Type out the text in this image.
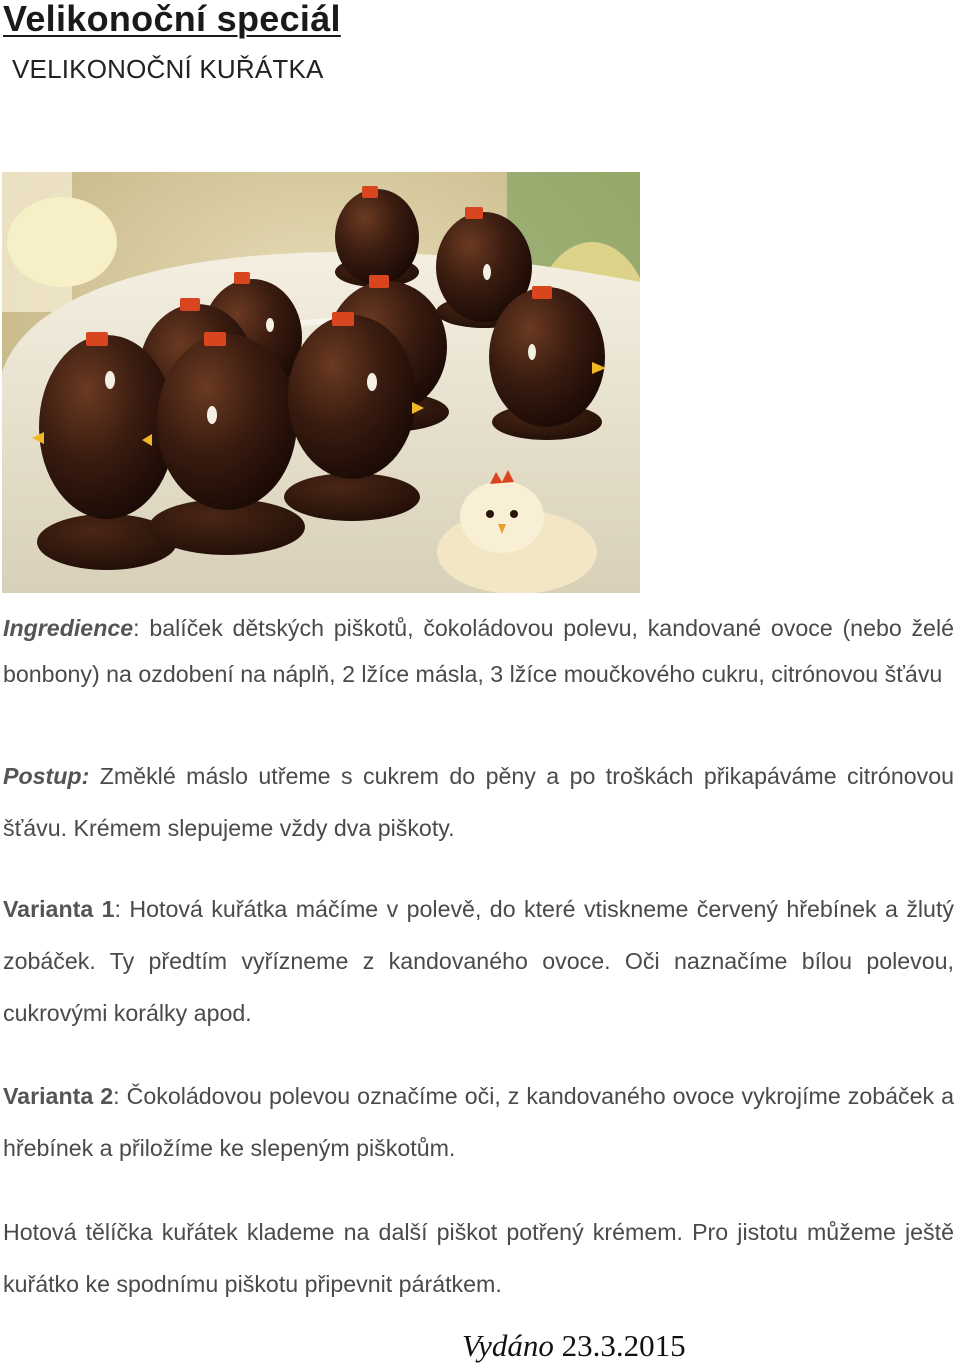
Velikonoční speciál
VELIKONOČNÍ KUŘÁTKA

Ingredience: balíček dětských piškotů, čokoládovou polevu, kandované ovoce (nebo želé bonbony) na ozdobení na náplň, 2 lžíce másla, 3 lžíce moučkového cukru, citrónovou šťávu

Postup: Změklé máslo utřeme s cukrem do pěny a po troškách přikapáváme citrónovou šťávu. Krémem slepujeme vždy dva piškoty.

Varianta 1: Hotová kuřátka máčíme v polevě, do které vtiskneme červený hřebínek a žlutý zobáček. Ty předtím vyřízneme z kandovaného ovoce. Oči naznačíme bílou polevou, cukrovými korálky apod.

Varianta 2: Čokoládovou polevou označíme oči, z kandovaného ovoce vykrojíme zobáček a hřebínek a přiložíme ke slepeným piškotům.

Hotová tělíčka kuřátek klademe na další piškot potřený krémem. Pro jistotu můžeme ještě kuřátko ke spodnímu piškotu připevnit párátkem.

Vydáno 23.3.2015
